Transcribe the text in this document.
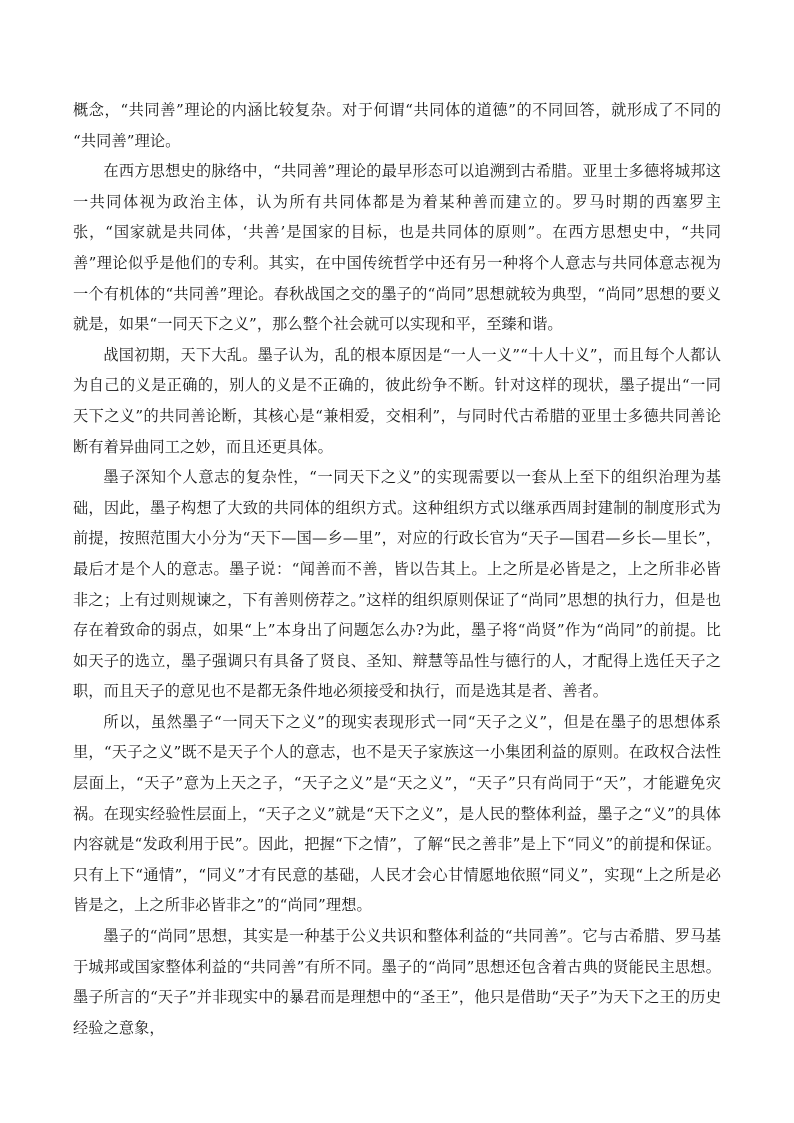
概念，“共同善”理论的内涵比较复杂。对于何谓“共同体的道德”的不同回答，就形成了不同的 “共同善”理论。

在西方思想史的脉络中，“共同善”理论的最早形态可以追溯到古希腊。亚里士多德将城邦这一共同体视为政治主体，认为所有共同体都是为着某种善而建立的。罗马时期的西塞罗主张，“国家就是共同体，‘共善’是国家的目标，也是共同体的原则”。在西方思想史中，“共同善”理论似乎是他们的专利。其实，在中国传统哲学中还有另一种将个人意志与共同体意志视为一个有机体的“共同善”理论。春秋战国之交的墨子的“尚同”思想就较为典型，“尚同”思想的要义就是，如果“一同天下之义”，那么整个社会就可以实现和平，至臻和谐。

战国初期，天下大乱。墨子认为，乱的根本原因是“一人一义”“十人十义”，而且每个人都认为自己的义是正确的，别人的义是不正确的，彼此纷争不断。针对这样的现状，墨子提出“一同天下之义”的共同善论断，其核心是“兼相爱，交相利”，与同时代古希腊的亚里士多德共同善论断有着异曲同工之妙，而且还更具体。

墨子深知个人意志的复杂性，“一同天下之义”的实现需要以一套从上至下的组织治理为基础，因此，墨子构想了大致的共同体的组织方式。这种组织方式以继承西周封建制的制度形式为前提，按照范围大小分为“天下—国—乡—里”，对应的行政长官为“天子—国君—乡长—里长”，最后才是个人的意志。墨子说：“闻善而不善，皆以告其上。上之所是必皆是之，上之所非必皆非之；上有过则规谏之，下有善则傍荐之。”这样的组织原则保证了“尚同”思想的执行力，但是也存在着致命的弱点，如果“上”本身出了问题怎么办?为此，墨子将“尚贤”作为“尚同”的前提。比如天子的选立，墨子强调只有具备了贤良、圣知、辩慧等品性与德行的人，才配得上选任天子之职，而且天子的意见也不是都无条件地必须接受和执行，而是选其是者、善者。

所以，虽然墨子“一同天下之义”的现实表现形式一同“天子之义”，但是在墨子的思想体系里，“天子之义”既不是天子个人的意志，也不是天子家族这一小集团利益的原则。在政权合法性层面上，“天子”意为上天之子，“天子之义”是“天之义”，“天子”只有尚同于“天”，才能避免灾祸。在现实经验性层面上，“天子之义”就是“天下之义”，是人民的整体利益，墨子之“义”的具体内容就是“发政利用于民”。因此，把握“下之情”，了解“民之善非”是上下“同义”的前提和保证。只有上下“通情”，“同义”才有民意的基础，人民才会心甘情愿地依照“同义”，实现“上之所是必皆是之，上之所非必皆非之”的“尚同”理想。

墨子的“尚同”思想，其实是一种基于公义共识和整体利益的“共同善”。它与古希腊、罗马基于城邦或国家整体利益的“共同善”有所不同。墨子的“尚同”思想还包含着古典的贤能民主思想。墨子所言的“天子”并非现实中的暴君而是理想中的“圣王”，他只是借助“天子”为天下之王的历史经验之意象，
